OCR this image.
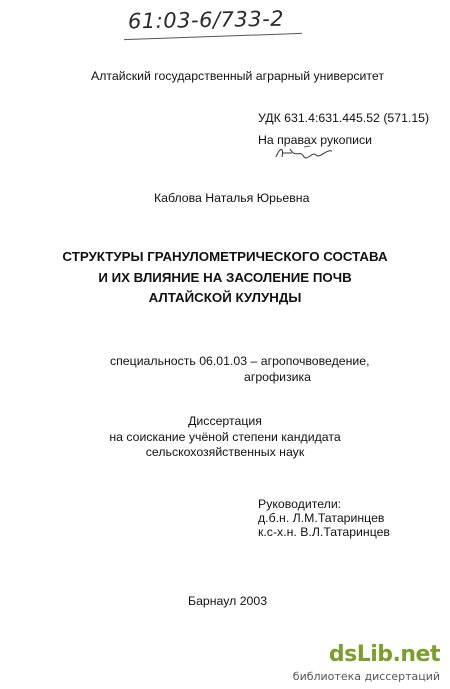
61:03-6/733-2
Алтайский государственный аграрный университет
УДК 631.4:631.445.52 (571.15)
На правах рукописи
Каблова Наталья Юрьевна
СТРУКТУРЫ ГРАНУЛОМЕТРИЧЕСКОГО СОСТАВА
И ИХ ВЛИЯНИЕ НА ЗАСОЛЕНИЕ ПОЧВ
АЛТАЙСКОЙ КУЛУНДЫ
специальность 06.01.03 – агропочвоведение,
агрофизика
Диссертация
на соискание учёной степени кандидата
сельскохозяйственных наук
Руководители:
д.б.н. Л.М.Татаринцев
к.с-х.н. В.Л.Татаринцев
Барнаул 2003
dsLib.net
библиотека диссертаций
